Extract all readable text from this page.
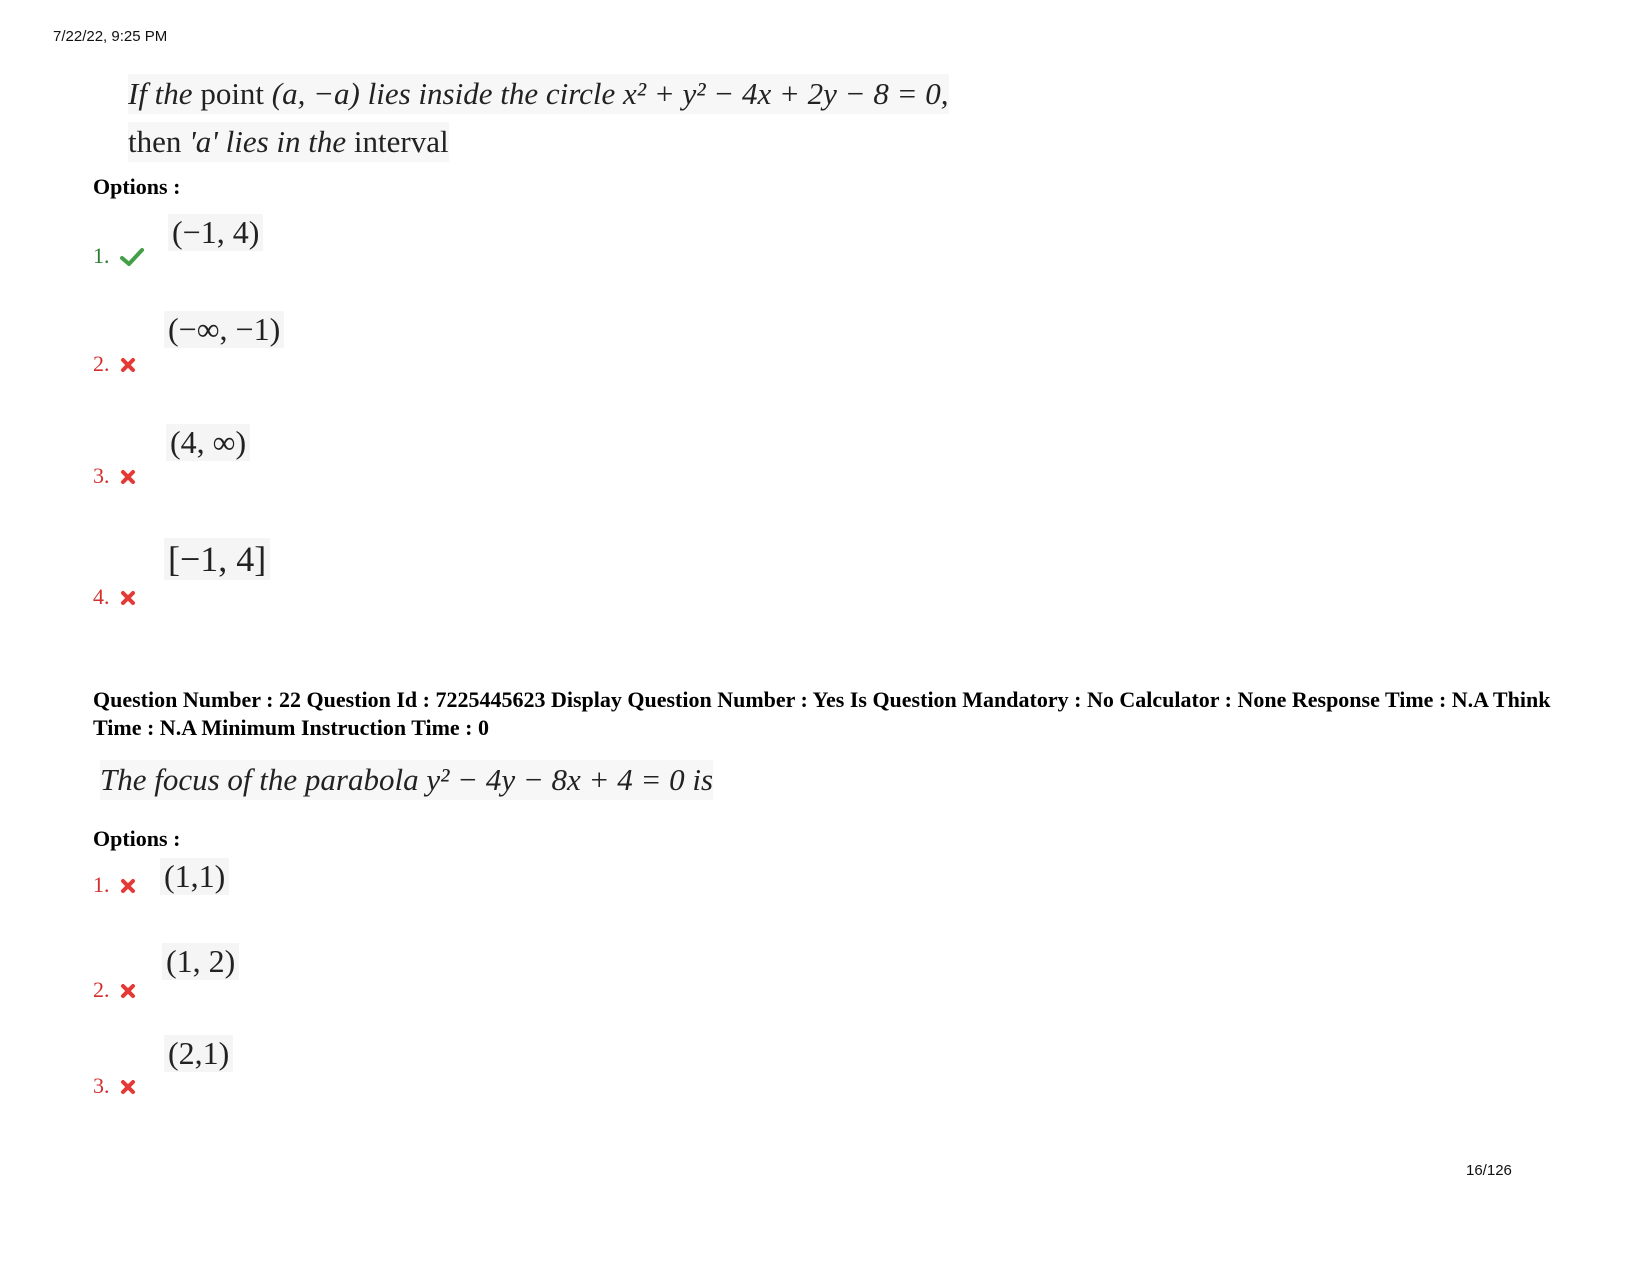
7/22/22, 9:25 PM
16/126
If the point (a, −a) lies inside the circle x² + y² − 4x + 2y − 8 = 0,
then 'a' lies in the interval
Options :
1.
(−1, 4)
2.
(−∞, −1)
3.
(4, ∞)
4.
[−1, 4]
Question Number : 22 Question Id : 7225445623 Display Question Number : Yes Is Question Mandatory : No Calculator : None Response Time : N.A Think Time : N.A Minimum Instruction Time : 0
The focus of the parabola y² − 4y − 8x + 4 = 0 is
Options :
1.	(1,1)
2.
(1, 2)
3.
(2,1)
